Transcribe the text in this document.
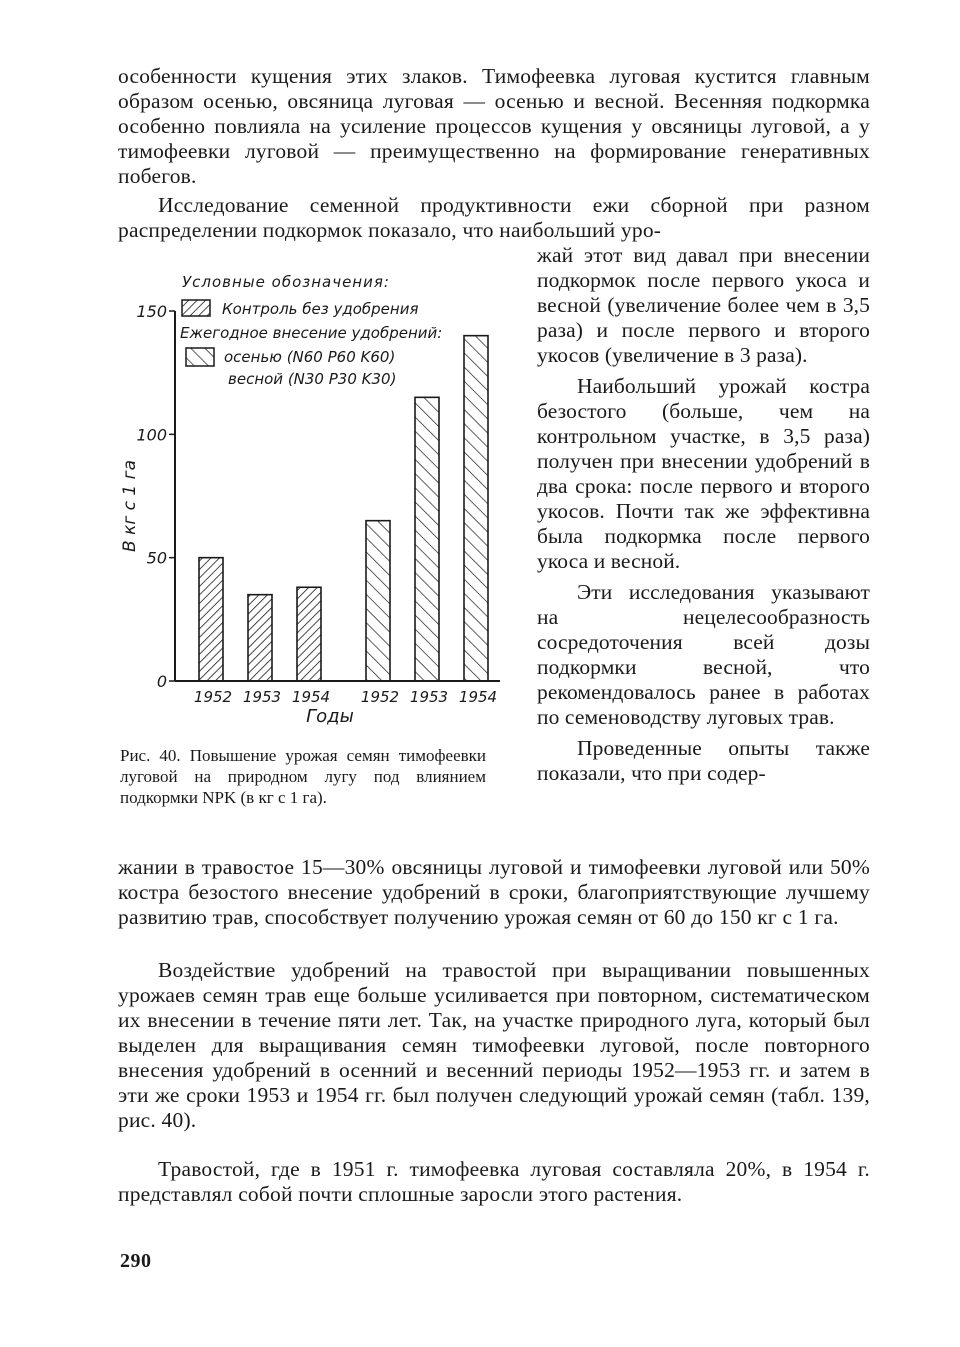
особенности кущения этих злаков. Тимофеевка луговая кустится главным образом осенью, овсяница луговая — осенью и весной. Весенняя подкормка особенно повлияла на усиление процессов кущения у овсяницы луговой, а у тимофеевки луговой — преимущественно на формирование генеративных побегов.

Исследование семенной продуктивности ежи сборной при разном распределении подкормок показало, что наибольший уро-

жай этот вид давал при внесении подкормок после первого укоса и весной (увеличение более чем в 3,5 раза) и после первого и второго укосов (увеличение в 3 раза).

Наибольший урожай костра безостого (больше, чем на контрольном участке, в 3,5 раза) получен при внесении удобрений в два срока: после первого и второго укосов. Почти так же эффективна была подкормка после первого укоса и весной.

Эти исследования указывают на нецелесообразность сосредоточения всей дозы подкормки весной, что рекомендовалось ранее в работах по семеноводству луговых трав.

Проведенные опыты также показали, что при содер-

0
50
100
150
В кг с 1 га
1952 1953 1954 1952 1953 1954
Годы
Условные обозначения:
Контроль без удобрения
Ежегодное внесение удобрений:
осенью (N60 P60 K60)
весной (N30 P30 K30)
Рис. 40. Повышение урожая семян тимофеевки луговой на природном лугу под влиянием подкормки NPK (в кг с 1 га).

жании в травостое 15—30% овсяницы луговой и тимофеевки луговой или 50% костра безостого внесение удобрений в сроки, благоприятствующие лучшему развитию трав, способствует получению урожая семян от 60 до 150 кг с 1 га.

Воздействие удобрений на травостой при выращивании повышенных урожаев семян трав еще больше усиливается при повторном, систематическом их внесении в течение пяти лет. Так, на участке природного луга, который был выделен для выращивания семян тимофеевки луговой, после повторного внесения удобрений в осенний и весенний периоды 1952—1953 гг. и затем в эти же сроки 1953 и 1954 гг. был получен следующий урожай семян (табл. 139, рис. 40).

Травостой, где в 1951 г. тимофеевка луговая составляла 20%, в 1954 г. представлял собой почти сплошные заросли этого растения.

290
